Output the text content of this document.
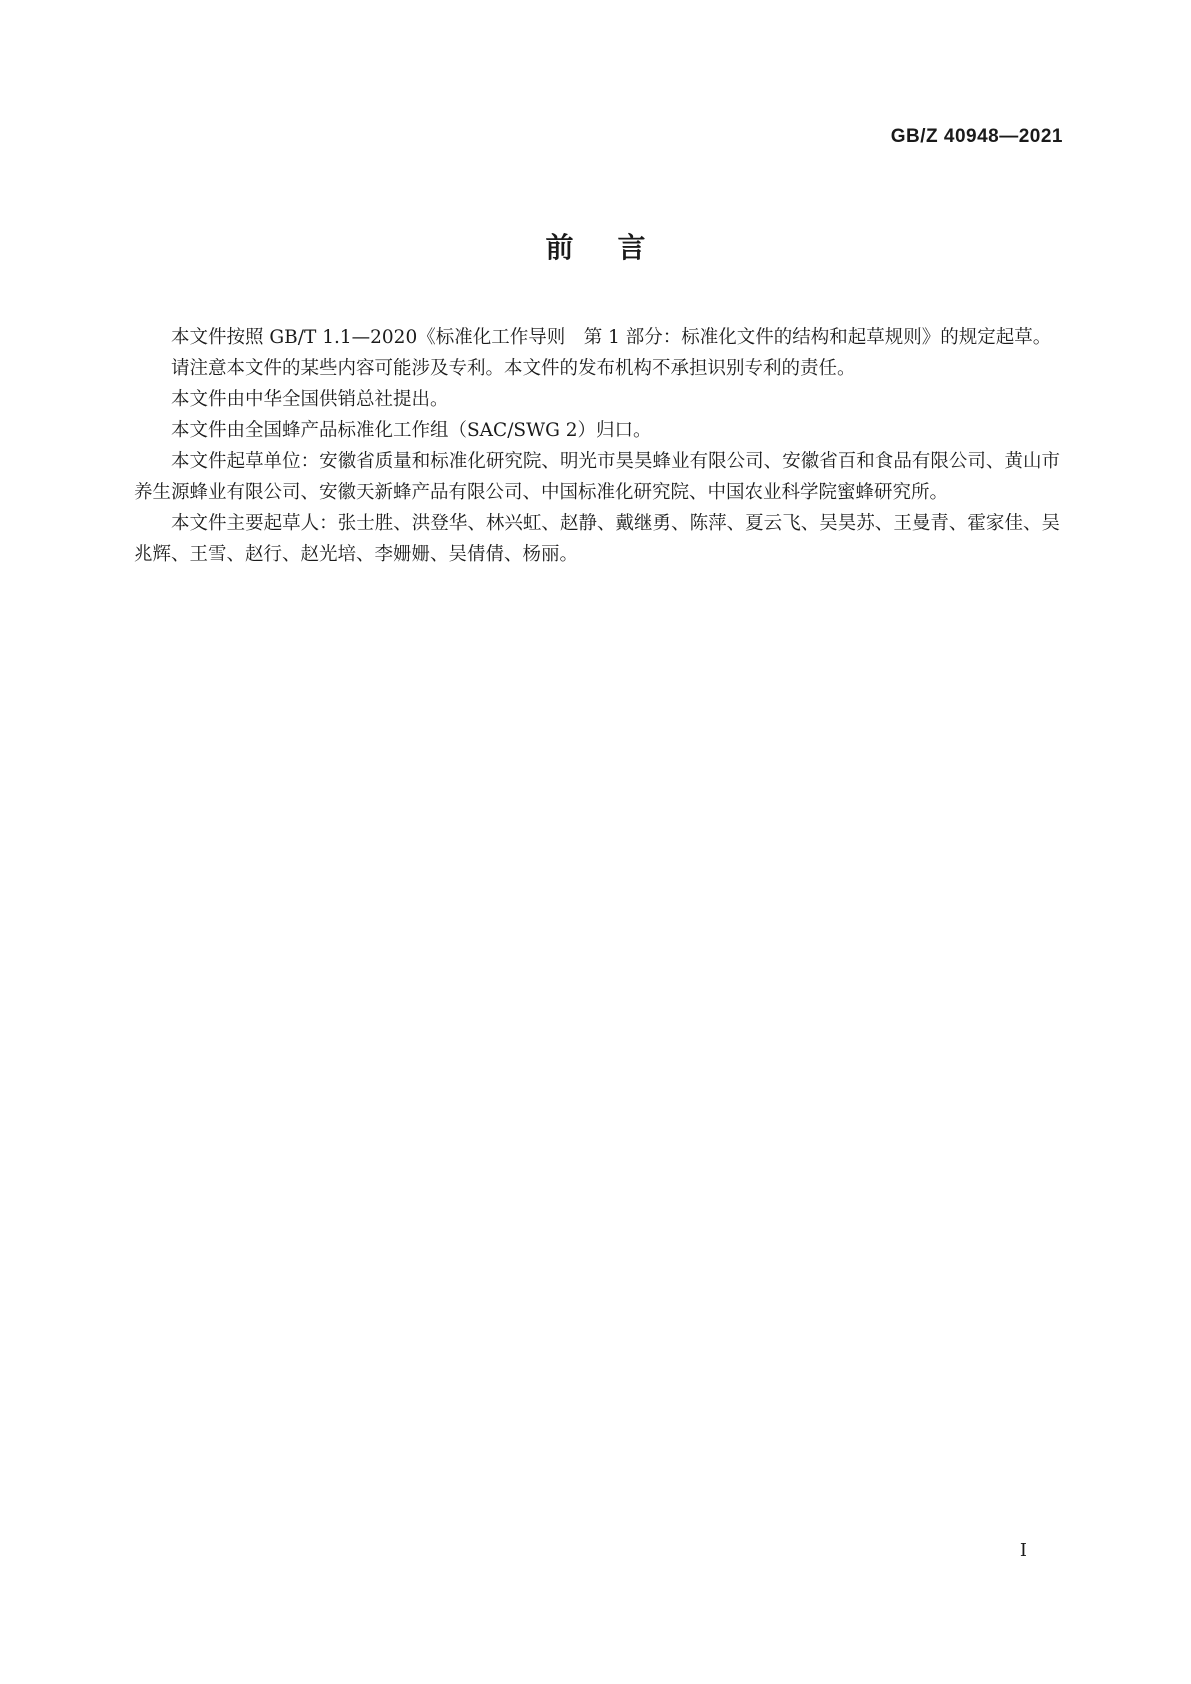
GB/Z 40948—2021
前言

本文件按照 GB/T 1.1—2020《标准化工作导则　第 1 部分：标准化文件的结构和起草规则》的规定起草。

请注意本文件的某些内容可能涉及专利。本文件的发布机构不承担识别专利的责任。

本文件由中华全国供销总社提出。

本文件由全国蜂产品标准化工作组（SAC/SWG 2）归口。

本文件起草单位：安徽省质量和标准化研究院、明光市昊昊蜂业有限公司、安徽省百和食品有限公司、黄山市养生源蜂业有限公司、安徽天新蜂产品有限公司、中国标准化研究院、中国农业科学院蜜蜂研究所。

本文件主要起草人：张士胜、洪登华、林兴虹、赵静、戴继勇、陈萍、夏云飞、吴昊苏、王曼青、霍家佳、吴兆辉、王雪、赵行、赵光培、李姗姗、吴倩倩、杨丽。

I
